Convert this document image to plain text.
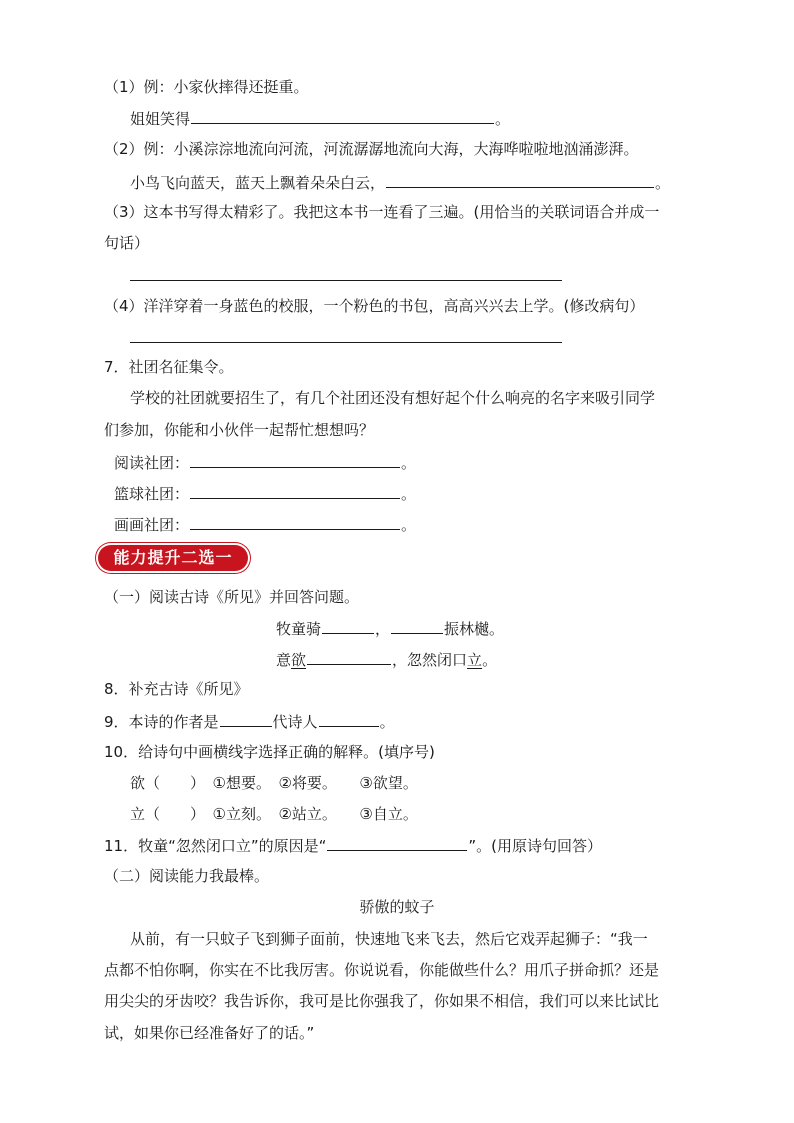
（1）例：小家伙摔得还挺重。
姐姐笑得	。
（2）例：小溪淙淙地流向河流，河流潺潺地流向大海，大海哗啦啦地汹涌澎湃。
小鸟飞向蓝天，蓝天上飘着朵朵白云，	。
（3）这本书写得太精彩了。我把这本书一连看了三遍。(用恰当的关联词语合并成一
句话）
（4）洋洋穿着一身蓝色的校服，一个粉色的书包，高高兴兴去上学。(修改病句）
7．社团名征集令。
学校的社团就要招生了，有几个社团还没有想好起个什么响亮的名字来吸引同学
们参加，你能和小伙伴一起帮忙想想吗？
阅读社团：	。
篮球社团：	。
画画社团：	。
能力提升二选一
（一）阅读古诗《所见》并回答问题。
牧童骑	，	振林樾。
意欲	，忽然闭口立。
8．补充古诗《所见》
9．本诗的作者是	代诗人	。
10．给诗句中画横线字选择正确的解释。(填序号)
欲（　　）　①想要。　②将要。　　③欲望。
立（　　）　①立刻。　②站立。　　③自立。
11．牧童“忽然闭口立”的原因是“	”。(用原诗句回答）
（二）阅读能力我最棒。
骄傲的蚊子
从前，有一只蚊子飞到狮子面前，快速地飞来飞去，然后它戏弄起狮子：“我一
点都不怕你啊，你实在不比我厉害。你说说看，你能做些什么？用爪子拼命抓？还是
用尖尖的牙齿咬？我告诉你，我可是比你强我了，你如果不相信，我们可以来比试比
试，如果你已经准备好了的话。”
